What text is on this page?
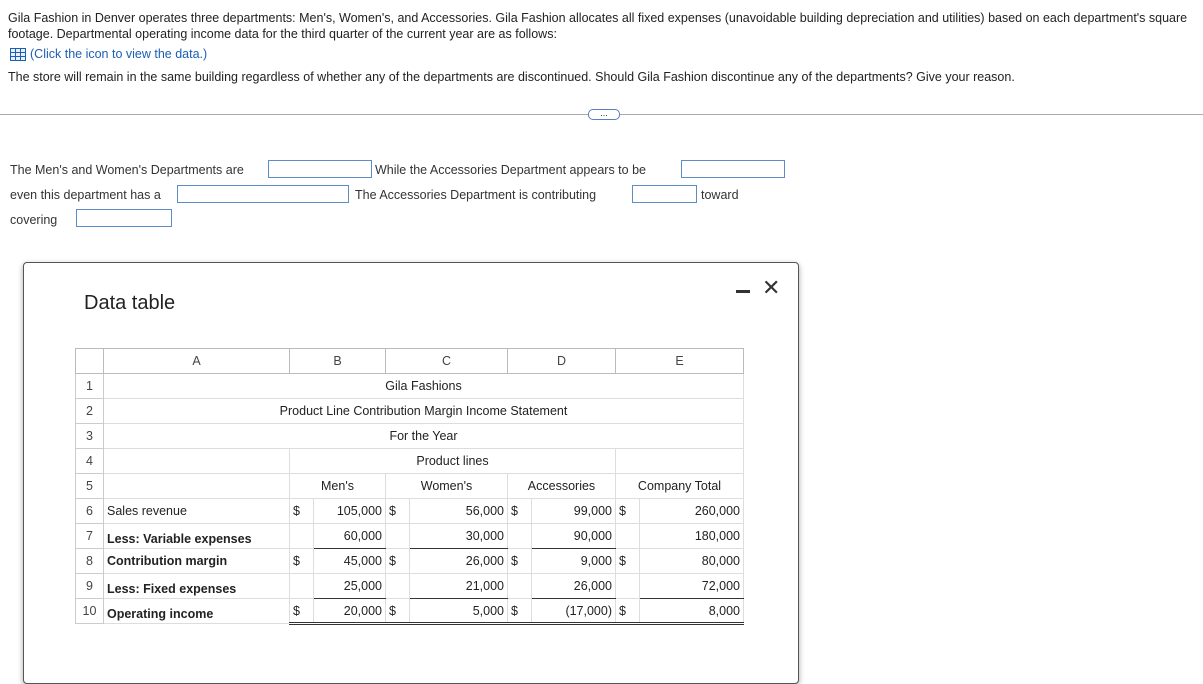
Gila Fashion in Denver operates three departments: Men's, Women's, and Accessories. Gila Fashion allocates all fixed expenses (unavoidable building depreciation and utilities) based on each department's square footage. Departmental operating income data for the third quarter of the current year are as follows:

(Click the icon to view the data.)
The store will remain in the same building regardless of whether any of the departments are discontinued. Should Gila Fashion discontinue any of the departments? Give your reason.
...
The Men's and Women's Departments are	While the Accessories Department appears to be
even this department has a	The Accessories Department is contributing	toward
covering
Data table
✕
	A	B		C		D		E	
1	Gila Fashions								
2	Product Line Contribution Margin Income Statement								
3	For the Year								
4		Product lines							
5		Men's		Women's		Accessories		Company Total	
6	Sales revenue	$	105,000	$	56,000	$	99,000	$	260,000
7	Less: Variable expenses		60,000		30,000		90,000		180,000
8	Contribution margin	$	45,000	$	26,000	$	9,000	$	80,000
9	Less: Fixed expenses		25,000		21,000		26,000		72,000
10	Operating income	$	20,000	$	5,000	$	(17,000)	$	8,000
